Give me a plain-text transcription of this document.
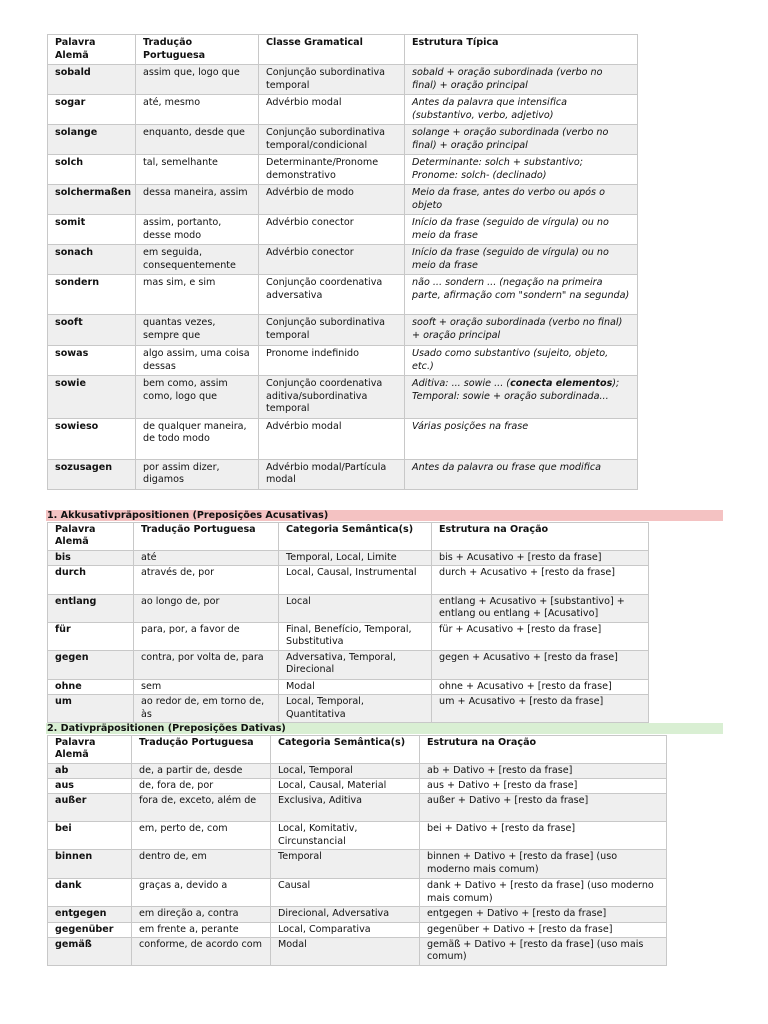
Palavra Alemã	Tradução Portuguesa	Classe Gramatical	Estrutura Típica
sobald	assim que, logo que	Conjunção subordinativa temporal	sobald + oração subordinada (verbo no final) + oração principal
sogar	até, mesmo	Advérbio modal	Antes da palavra que intensifica (substantivo, verbo, adjetivo)
solange	enquanto, desde que	Conjunção subordinativa temporal/condicional	solange + oração subordinada (verbo no final) + oração principal
solch	tal, semelhante	Determinante/Pronome demonstrativo	Determinante: solch + substantivo; Pronome: solch- (declinado)
solchermaßen	dessa maneira, assim	Advérbio de modo	Meio da frase, antes do verbo ou após o objeto
somit	assim, portanto, desse modo	Advérbio conector	Início da frase (seguido de vírgula) ou no meio da frase
sonach	em seguida, consequentemente	Advérbio conector	Início da frase (seguido de vírgula) ou no meio da frase
sondern	mas sim, e sim	Conjunção coordenativa adversativa	não ... sondern ... (negação na primeira parte, afirmação com "sondern" na segunda)
sooft	quantas vezes, sempre que	Conjunção subordinativa temporal	sooft + oração subordinada (verbo no final) + oração principal
sowas	algo assim, uma coisa dessas	Pronome indefinido	Usado como substantivo (sujeito, objeto, etc.)
sowie	bem como, assim como, logo que	Conjunção coordenativa aditiva/subordinativa temporal	Aditiva: ... sowie ... (conecta elementos); Temporal: sowie + oração subordinada...
sowieso	de qualquer maneira, de todo modo	Advérbio modal	Várias posições na frase
sozusagen	por assim dizer, digamos	Advérbio modal/Partícula modal	Antes da palavra ou frase que modifica
1. Akkusativpräpositionen (Preposições Acusativas)
Palavra Alemã	Tradução Portuguesa	Categoria Semântica(s)	Estrutura na Oração
bis	até	Temporal, Local, Limite	bis + Acusativo + [resto da frase]
durch	através de, por	Local, Causal, Instrumental	durch + Acusativo + [resto da frase]
entlang	ao longo de, por	Local	entlang + Acusativo + [substantivo] + entlang ou entlang + [Acusativo]
für	para, por, a favor de	Final, Benefício, Temporal, Substitutiva	für + Acusativo + [resto da frase]
gegen	contra, por volta de, para	Adversativa, Temporal, Direcional	gegen + Acusativo + [resto da frase]
ohne	sem	Modal	ohne + Acusativo + [resto da frase]
um	ao redor de, em torno de, às	Local, Temporal, Quantitativa	um + Acusativo + [resto da frase]
2. Dativpräpositionen (Preposições Dativas)
Palavra Alemã	Tradução Portuguesa	Categoria Semântica(s)	Estrutura na Oração
ab	de, a partir de, desde	Local, Temporal	ab + Dativo + [resto da frase]
aus	de, fora de, por	Local, Causal, Material	aus + Dativo + [resto da frase]
außer	fora de, exceto, além de	Exclusiva, Aditiva	außer + Dativo + [resto da frase]
bei	em, perto de, com	Local, Komitativ, Circunstancial	bei + Dativo + [resto da frase]
binnen	dentro de, em	Temporal	binnen + Dativo + [resto da frase] (uso moderno mais comum)
dank	graças a, devido a	Causal	dank + Dativo + [resto da frase] (uso moderno mais comum)
entgegen	em direção a, contra	Direcional, Adversativa	entgegen + Dativo + [resto da frase]
gegenüber	em frente a, perante	Local, Comparativa	gegenüber + Dativo + [resto da frase]
gemäß	conforme, de acordo com	Modal	gemäß + Dativo + [resto da frase] (uso mais comum)
